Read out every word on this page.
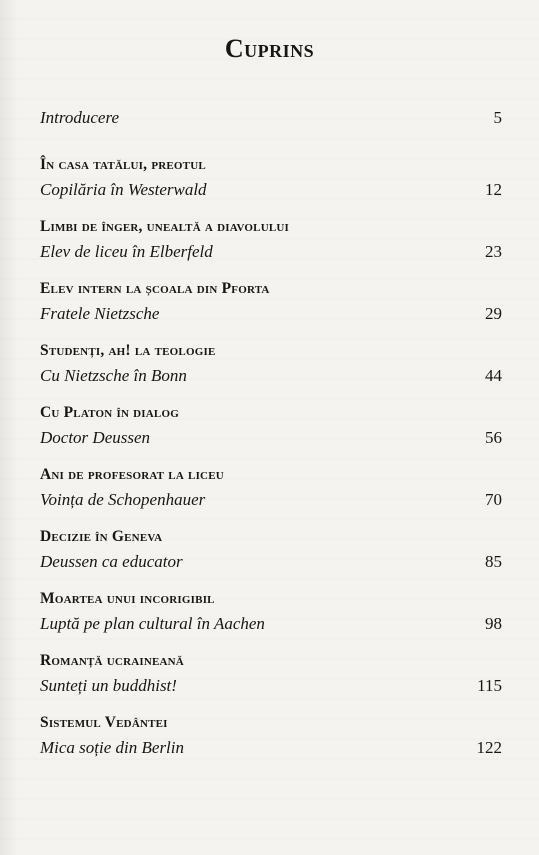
Cuprins
Introducere	5
În casa tatălui, preotul
Copilăria în Westerwald	12
Limbi de înger, unealtă a diavolului
Elev de liceu în Elberfeld	23
Elev intern la școala din Pforta
Fratele Nietzsche	29
Studenți, ah! la teologie
Cu Nietzsche în Bonn	44
Cu Platon în dialog
Doctor Deussen	56
Ani de profesorat la liceu
Voința de Schopenhauer	70
Decizie în Geneva
Deussen ca educator	85
Moartea unui incorigibil
Luptă pe plan cultural în Aachen	98
Romanță ucraineană
Sunteți un buddhist!	115
Sistemul Vedântei
Mica soție din Berlin	122
